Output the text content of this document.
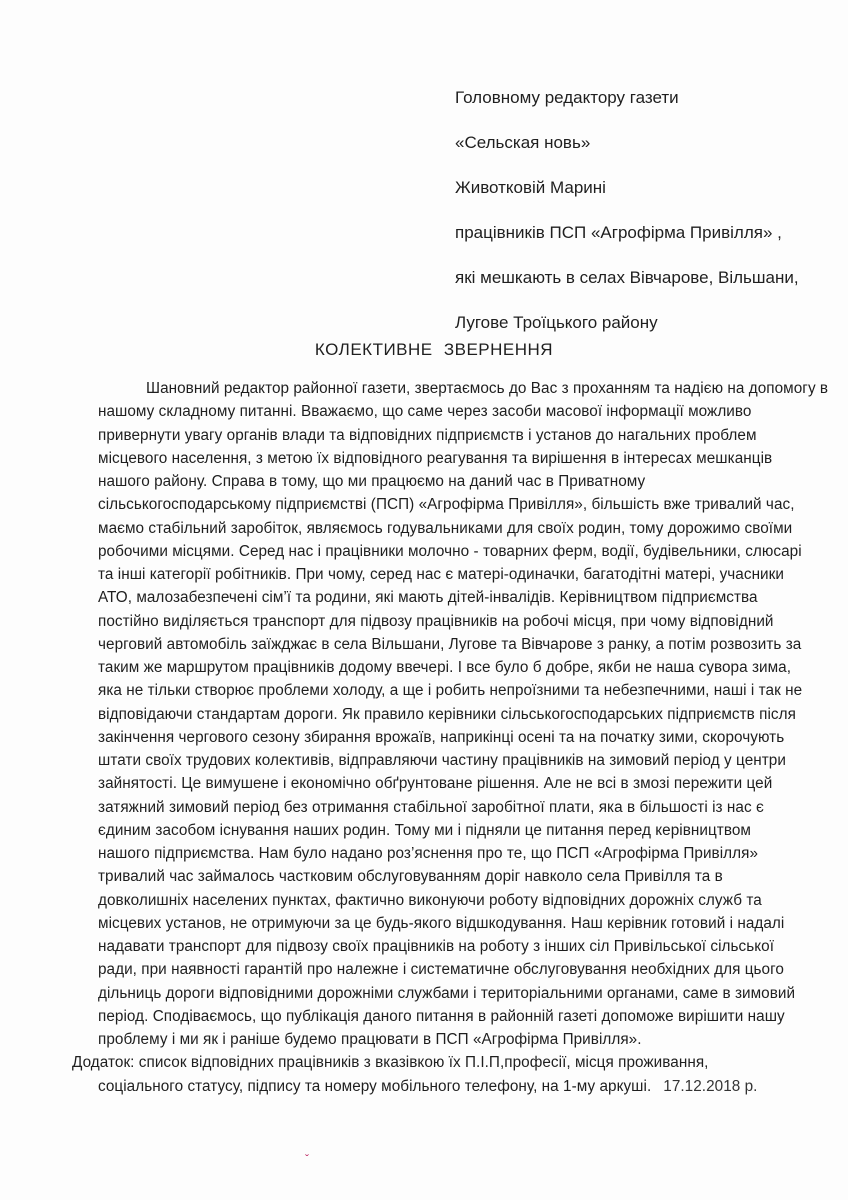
Головному редактору газети
«Сельская новь»
Животковій Марині
працівників ПСП «Агрофірма Привілля» ,
які мешкають в селах Вівчарове, Вільшани,
Лугове Троїцького району
КОЛЕКТИВНЕ ЗВЕРНЕННЯ
Шановний редактор районної газети, звертаємось до Вас з проханням та надією на допомогу в
нашому складному питанні. Вважаємо, що саме через засоби масової інформації можливо
привернути увагу органів влади та відповідних підприємств і установ до нагальних проблем
місцевого населення, з метою їх відповідного реагування та вирішення в інтересах мешканців
нашого району. Справа в тому, що ми працюємо на даний час в Приватному
сільськогосподарському підприємстві (ПСП) «Агрофірма Привілля», більшість вже тривалий час,
маємо стабільний заробіток, являємось годувальниками для своїх родин, тому дорожимо своїми
робочими місцями. Серед нас і працівники молочно - товарних ферм, водії, будівельники, слюсарі
та інші категорії робітників. При чому, серед нас є матері-одиначки, багатодітні матері, учасники
АТО, малозабезпечені сім’ї та родини, які мають дітей-інвалідів. Керівництвом підприємства
постійно виділяється транспорт для підвозу працівників на робочі місця, при чому відповідний
черговий автомобіль заїжджає в села Вільшани, Лугове та Вівчарове з ранку, а потім розвозить за
таким же маршрутом працівників додому ввечері. І все було б добре, якби не наша сувора зима,
яка не тільки створює проблеми холоду, а ще і робить непроїзними та небезпечними, наші і так не
відповідаючи стандартам дороги. Як правило керівники сільськогосподарських підприємств після
закінчення чергового сезону збирання врожаїв, наприкінці осені та на початку зими, скорочують
штати своїх трудових колективів, відправляючи частину працівників на зимовий період у центри
зайнятості. Це вимушене і економічно обґрунтоване рішення. Але не всі в змозі пережити цей
затяжний зимовий період без отримання стабільної заробітної плати, яка в більшості із нас є
єдиним засобом існування наших родин. Тому ми і підняли це питання перед керівництвом
нашого підприємства. Нам було надано роз’яснення про те, що ПСП «Агрофірма Привілля»
тривалий час займалось частковим обслуговуванням доріг навколо села Привілля та в
довколишніх населених пунктах, фактично виконуючи роботу відповідних дорожніх служб та
місцевих установ, не отримуючи за це будь-якого відшкодування. Наш керівник готовий і надалі
надавати транспорт для підвозу своїх працівників на роботу з інших сіл Привільської сільської
ради, при наявності гарантій про належне і систематичне обслуговування необхідних для цього
дільниць дороги відповідними дорожніми службами і територіальними органами, саме в зимовий
період. Сподіваємось, що публікація даного питання в районній газеті допоможе вирішити нашу
проблему і ми як і раніше будемо працювати в ПСП «Агрофірма Привілля».
Додаток: список відповідних працівників з вказівкою їх П.І.П,професії, місця проживання,
соціального статусу, підпису та номеру мобільного телефону, на 1-му аркуші. 17.12.2018 р.
ˇ
